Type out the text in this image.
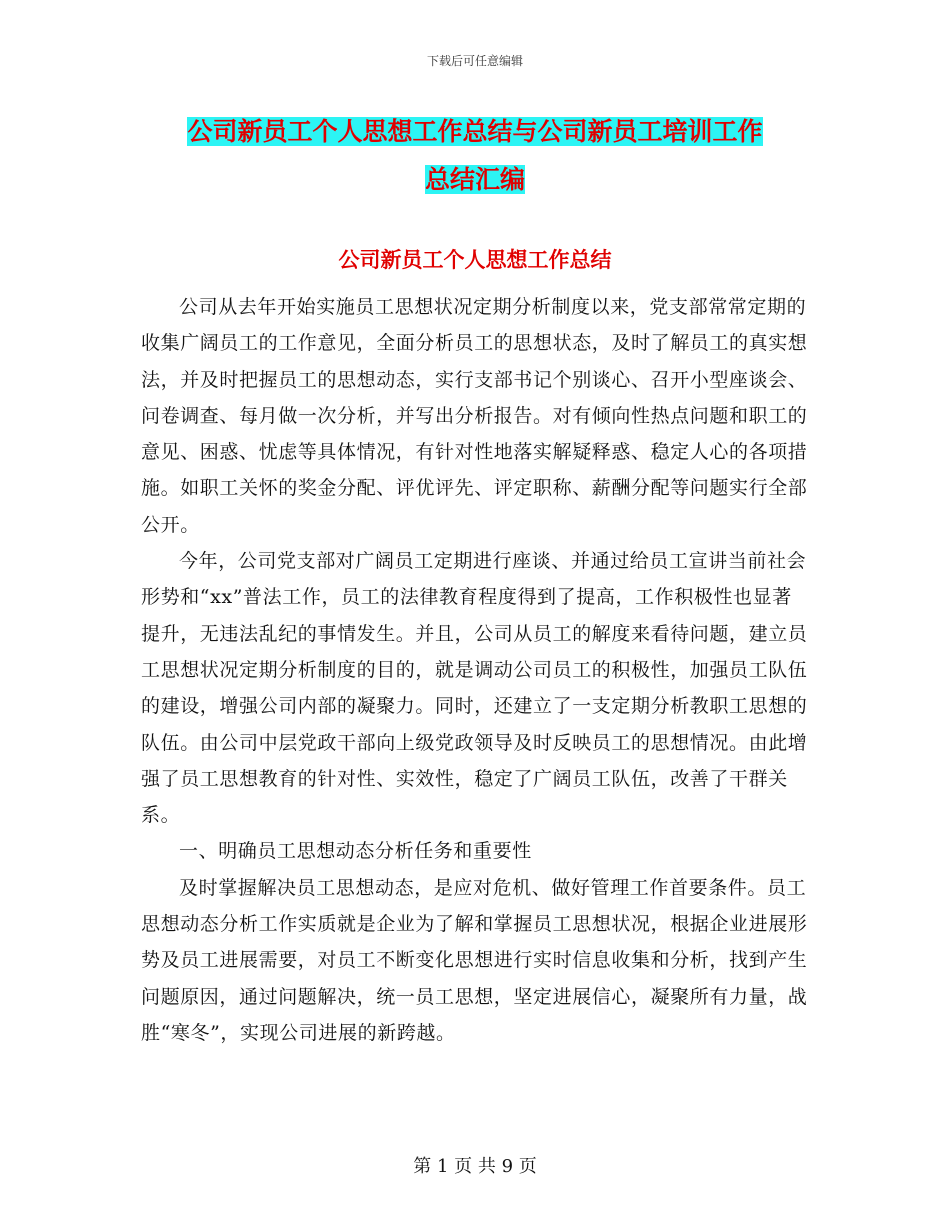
下载后可任意编辑
公司新员工个人思想工作总结与公司新员工培训工作
总结汇编
公司新员工个人思想工作总结

公司从去年开始实施员工思想状况定期分析制度以来，党支部常常定期的收集广阔员工的工作意见，全面分析员工的思想状态，及时了解员工的真实想法，并及时把握员工的思想动态，实行支部书记个别谈心、召开小型座谈会、问卷调查、每月做一次分析，并写出分析报告。对有倾向性热点问题和职工的意见、困惑、忧虑等具体情况，有针对性地落实解疑释惑、稳定人心的各项措施。如职工关怀的奖金分配、评优评先、评定职称、薪酬分配等问题实行全部公开。

今年，公司党支部对广阔员工定期进行座谈、并通过给员工宣讲当前社会形势和“xx”普法工作，员工的法律教育程度得到了提高，工作积极性也显著提升，无违法乱纪的事情发生。并且，公司从员工的解度来看待问题，建立员工思想状况定期分析制度的目的，就是调动公司员工的积极性，加强员工队伍的建设，增强公司内部的凝聚力。同时，还建立了一支定期分析教职工思想的队伍。由公司中层党政干部向上级党政领导及时反映员工的思想情况。由此增强了员工思想教育的针对性、实效性，稳定了广阔员工队伍，改善了干群关系。

一、明确员工思想动态分析任务和重要性

及时掌握解决员工思想动态，是应对危机、做好管理工作首要条件。员工思想动态分析工作实质就是企业为了解和掌握员工思想状况，根据企业进展形势及员工进展需要，对员工不断变化思想进行实时信息收集和分析，找到产生问题原因，通过问题解决，统一员工思想，坚定进展信心，凝聚所有力量，战胜“寒冬”，实现公司进展的新跨越。

第 1 页 共 9 页
